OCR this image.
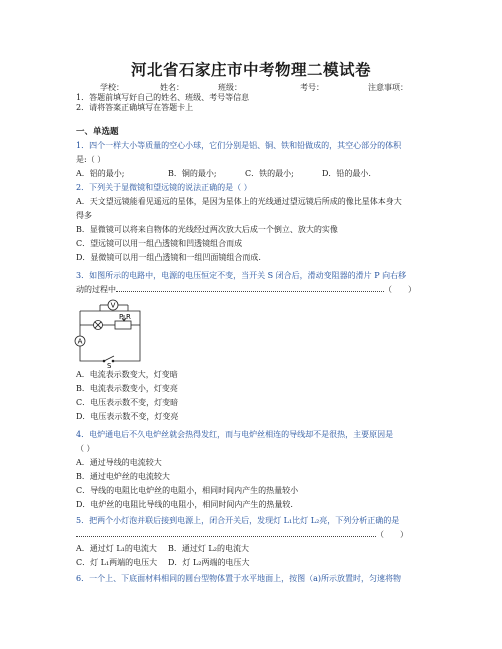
河北省石家庄市中考物理二模试卷
学校：	姓名：	班级：	考号：	注意事项：
1．答题前填写好自己的姓名、班级、考号等信息
2．请将答案正确填写在答题卡上
一、单选题
1．四个一样大小等质量的空心小球，它们分别是铝、铜、铁和铅做成的，其空心部分的体积
是:（ ）
A．铝的最小;	B．铜的最小;	C．铁的最小;	D．铅的最小.
2．下列关于显微镜和望远镜的说法正确的是（ ）
A．天文望远镜能看见遥远的星体，是因为星体上的光线通过望远镜后所成的像比星体本身大
得多
B．显微镜可以将来自物体的光线经过两次放大后成一个倒立、放大的实像
C．望远镜可以用一组凸透镜和凹透镜组合而成
D．显微镜可以用一组凸透镜和一组凹面镜组合而成.
3．如图所示的电路中，电源的电压恒定不变，当开关 S 闭合后，滑动变阻器的滑片 P 向右移
动的过程中	（　　）
V
A
P R
S
A．电流表示数变大，灯变暗
B．电流表示数变小，灯变亮
C．电压表示数不变，灯变暗
D．电压表示数不变，灯变亮
4．电炉通电后不久电炉丝就会热得发红，而与电炉丝相连的导线却不是很热，主要原因是
（ ）
A．通过导线的电流较大
B．通过电炉丝的电流较大
C．导线的电阻比电炉丝的电阻小，相同时间内产生的热量较小
D．电炉丝的电阻比导线的电阻小，相同时间内产生的热量较.
5．把两个小灯泡并联后接到电源上，闭合开关后，发现灯 L₁比灯 L₂亮，下列分析正确的是
（　　）
A．通过灯 L₁的电流大 B．通过灯 L₂的电流大
C．灯 L₁两端的电压大 D．灯 L₂两端的电压大
6．一个上、下底面材料相同的圆台型物体置于水平地面上，按图（a)所示放置时，匀速将物
